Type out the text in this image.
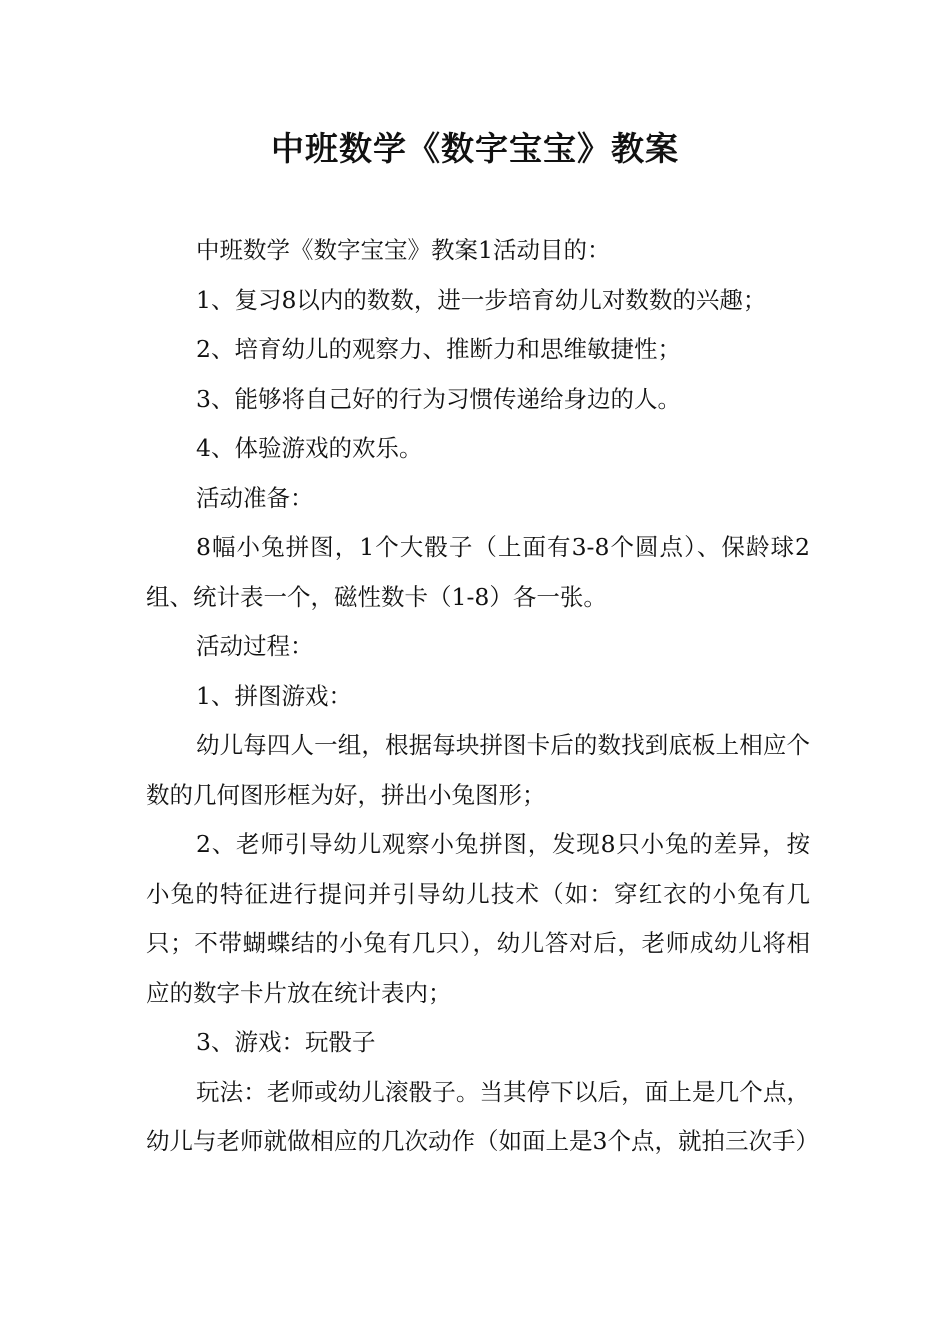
中班数学《数字宝宝》教案

中班数学《数字宝宝》教案1活动目的：

1、复习8以内的数数，进一步培育幼儿对数数的兴趣；

2、培育幼儿的观察力、推断力和思维敏捷性；

3、能够将自己好的行为习惯传递给身边的人。

4、体验游戏的欢乐。

活动准备：

8幅小兔拼图，1个大骰子（上面有3-8个圆点）、保龄球2组、统计表一个，磁性数卡（1-8）各一张。

活动过程：

1、拼图游戏：

幼儿每四人一组，根据每块拼图卡后的数找到底板上相应个数的几何图形框为好，拼出小兔图形；

2、老师引导幼儿观察小兔拼图，发现8只小兔的差异，按小兔的特征进行提问并引导幼儿技术（如：穿红衣的小兔有几只；不带蝴蝶结的小兔有几只），幼儿答对后，老师成幼儿将相应的数字卡片放在统计表内；

3、游戏：玩骰子

玩法：老师或幼儿滚骰子。当其停下以后，面上是几个点，幼儿与老师就做相应的几次动作（如面上是3个点，就拍三次手）
